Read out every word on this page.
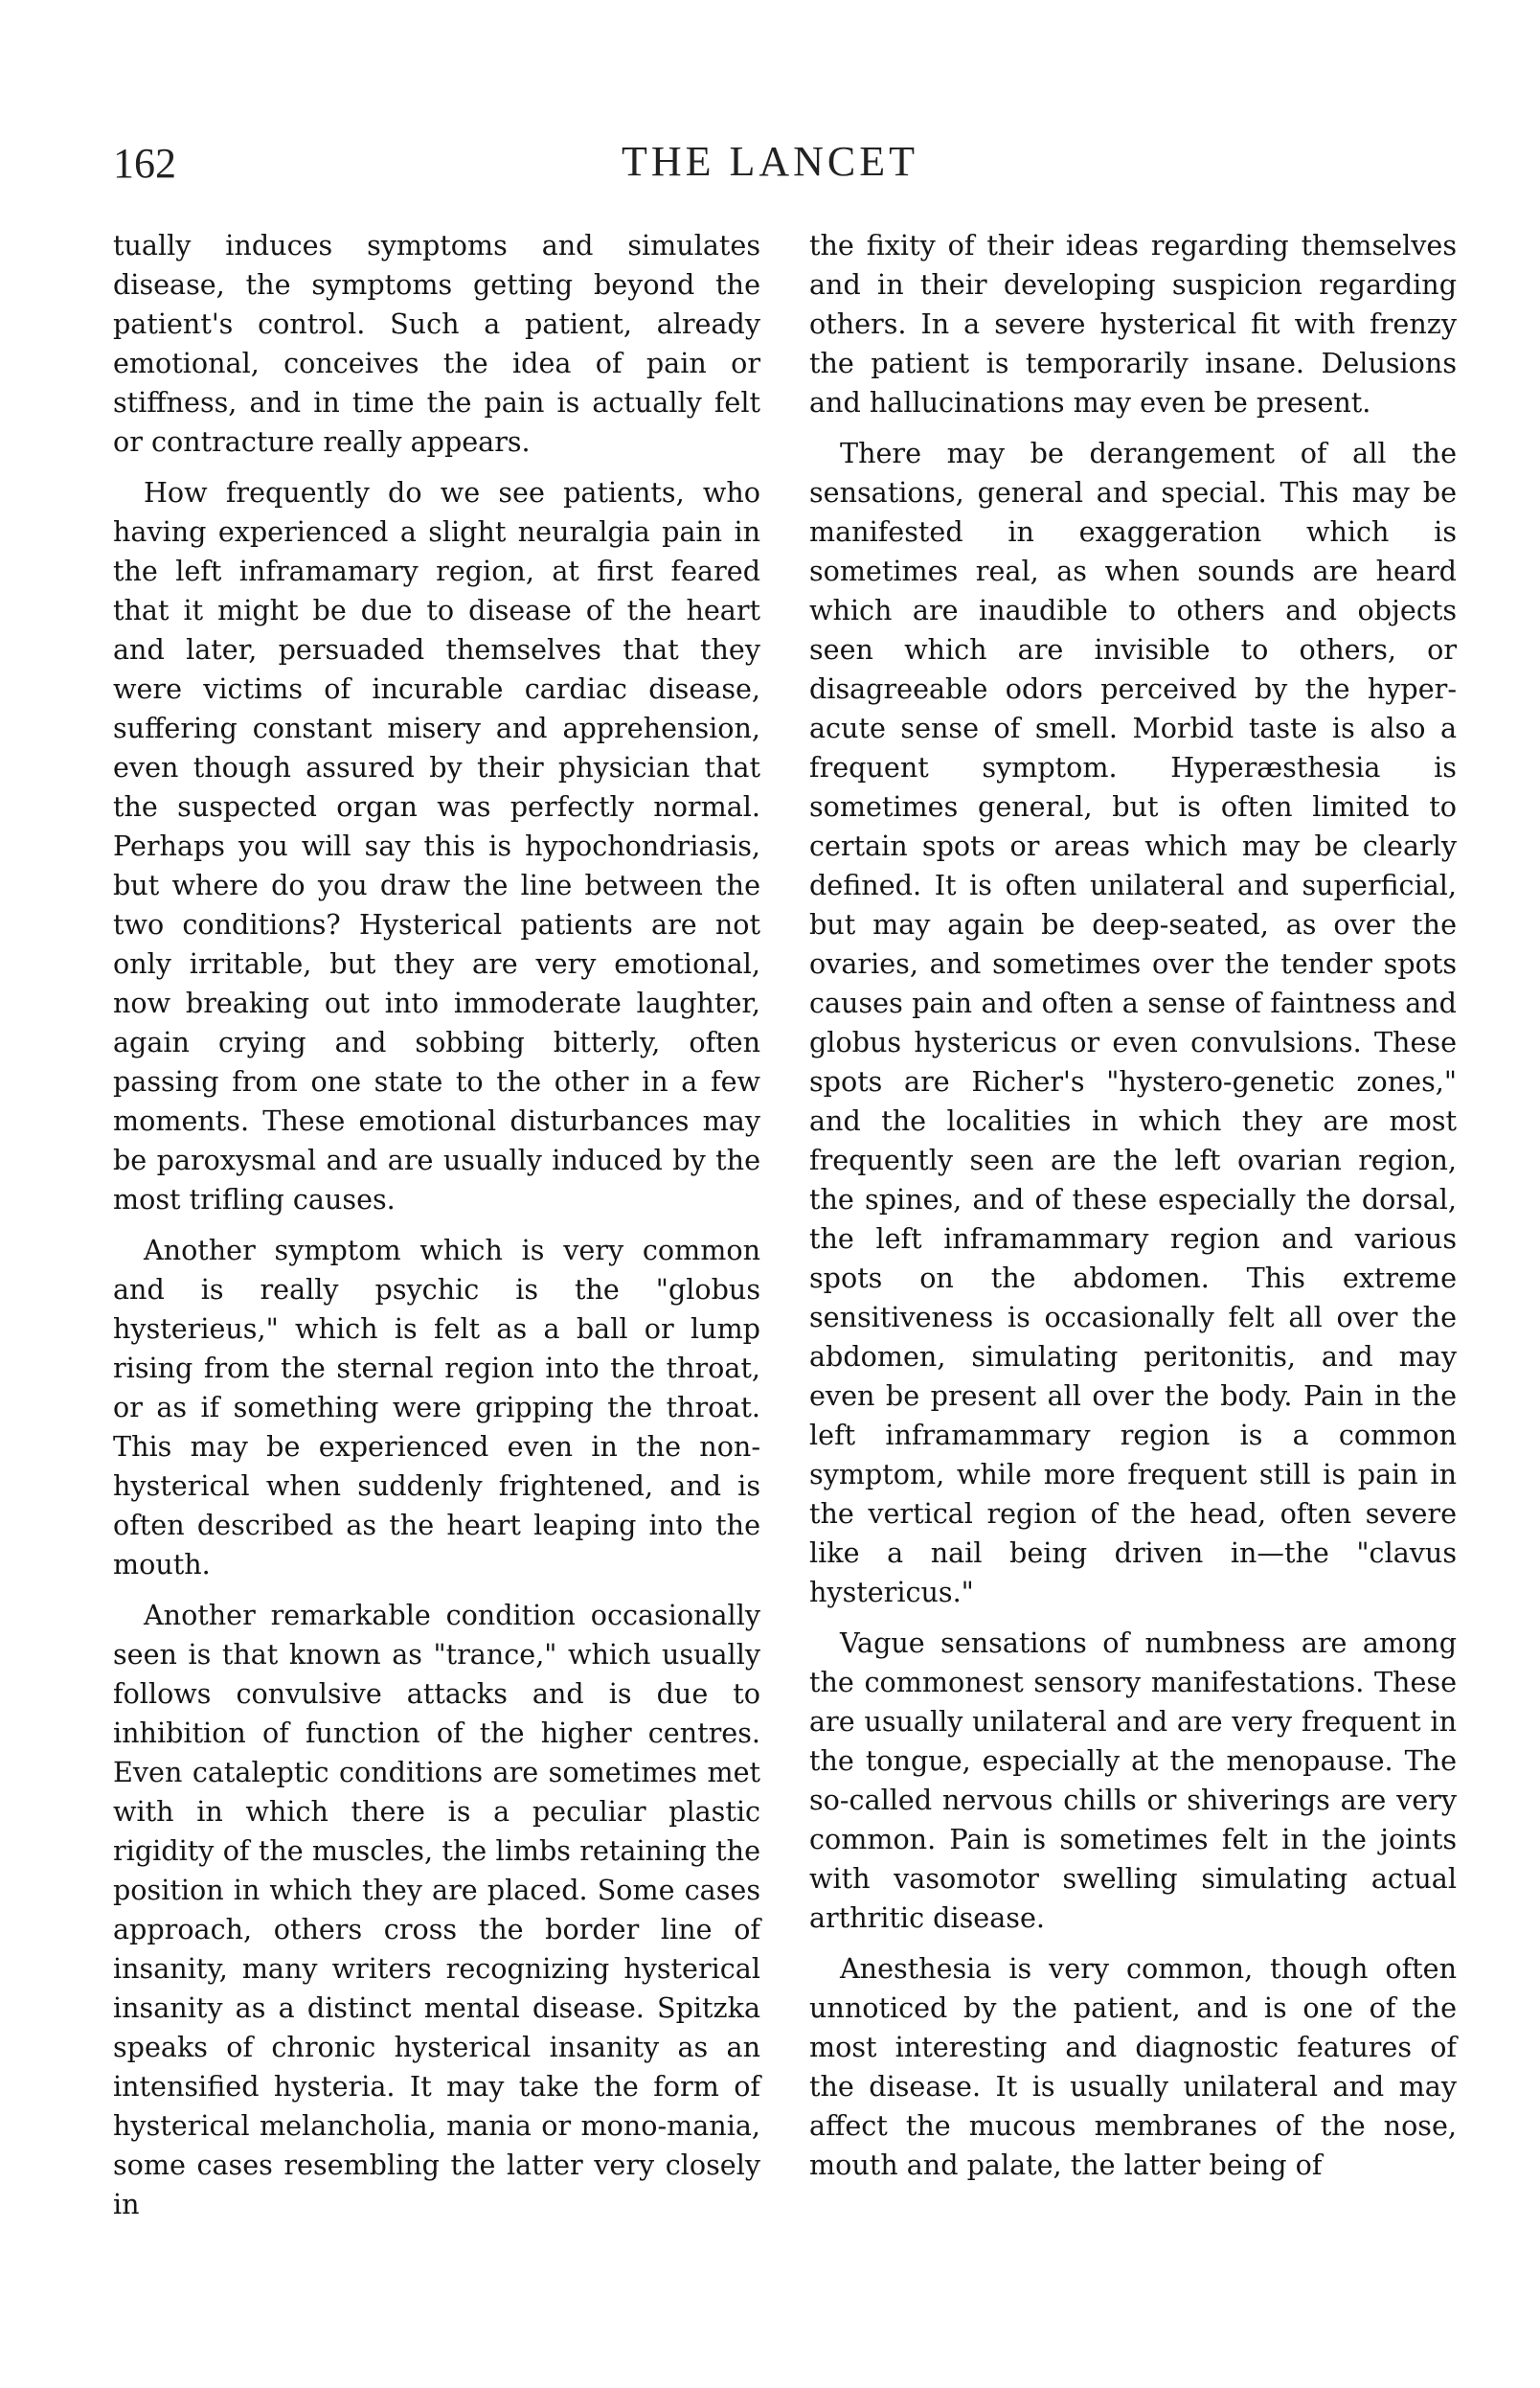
162	THE LANCET

tually induces symptoms and simulates disease, the symptoms getting beyond the patient's control. Such a patient, already emotional, conceives the idea of pain or stiffness, and in time the pain is actually felt or contracture really appears.

How frequently do we see patients, who having experienced a slight neuralgia pain in the left inframamary region, at first feared that it might be due to disease of the heart and later, persuaded themselves that they were victims of incurable cardiac disease, suffering constant misery and apprehension, even though assured by their physician that the suspected organ was perfectly normal. Perhaps you will say this is hypochondriasis, but where do you draw the line between the two conditions? Hysterical patients are not only irritable, but they are very emotional, now breaking out into immoderate laughter, again crying and sobbing bitterly, often passing from one state to the other in a few moments. These emotional disturbances may be paroxysmal and are usually induced by the most trifling causes.

Another symptom which is very common and is really psychic is the "globus hysterieus," which is felt as a ball or lump rising from the sternal region into the throat, or as if something were gripping the throat. This may be experienced even in the non-hysterical when suddenly frightened, and is often described as the heart leaping into the mouth.

Another remarkable condition occasionally seen is that known as "trance," which usually follows convulsive attacks and is due to inhibition of function of the higher centres. Even cataleptic conditions are sometimes met with in which there is a peculiar plastic rigidity of the muscles, the limbs retaining the position in which they are placed. Some cases approach, others cross the border line of insanity, many writers recognizing hysterical insanity as a distinct mental disease. Spitzka speaks of chronic hysterical insanity as an intensified hysteria. It may take the form of hysterical melancholia, mania or mono-mania, some cases resembling the latter very closely in

the fixity of their ideas regarding themselves and in their developing suspicion regarding others. In a severe hysterical fit with frenzy the patient is temporarily insane. Delusions and hallucinations may even be present.

There may be derangement of all the sensations, general and special. This may be manifested in exaggeration which is sometimes real, as when sounds are heard which are inaudible to others and objects seen which are invisible to others, or disagreeable odors perceived by the hyper-acute sense of smell. Morbid taste is also a frequent symptom. Hyperæsthesia is sometimes general, but is often limited to certain spots or areas which may be clearly defined. It is often unilateral and superficial, but may again be deep-seated, as over the ovaries, and sometimes over the tender spots causes pain and often a sense of faintness and globus hystericus or even convulsions. These spots are Richer's "hystero-genetic zones," and the localities in which they are most frequently seen are the left ovarian region, the spines, and of these especially the dorsal, the left inframammary region and various spots on the abdomen. This extreme sensitiveness is occasionally felt all over the abdomen, simulating peritonitis, and may even be present all over the body. Pain in the left inframammary region is a common symptom, while more frequent still is pain in the vertical region of the head, often severe like a nail being driven in—the "clavus hystericus."

Vague sensations of numbness are among the commonest sensory manifestations. These are usually unilateral and are very frequent in the tongue, especially at the menopause. The so-called nervous chills or shiverings are very common. Pain is sometimes felt in the joints with vasomotor swelling simulating actual arthritic disease.

Anesthesia is very common, though often unnoticed by the patient, and is one of the most interesting and diagnostic features of the disease. It is usually unilateral and may affect the mucous membranes of the nose, mouth and palate, the latter being of
